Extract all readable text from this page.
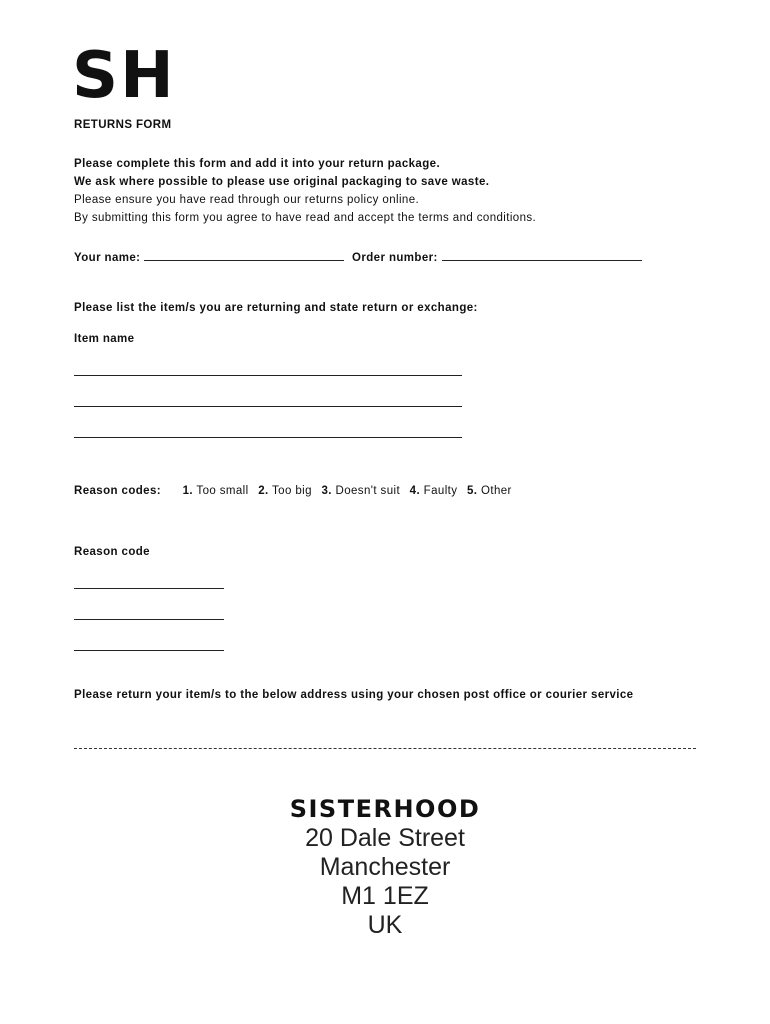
SH
RETURNS FORM
Please complete this form and add it into your return package.
We ask where possible to please use original packaging to save waste.
Please ensure you have read through our returns policy online.
By submitting this form you agree to have read and accept the terms and conditions.
Your name:	Order number:
Please list the item/s you are returning and state return or exchange:
Item name
Reason codes: 1. Too small 2. Too big 3. Doesn't suit 4. Faulty 5. Other
Reason code
Please return your item/s to the below address using your chosen post office or courier service
SISTERHOOD
20 Dale Street
Manchester
M1 1EZ
UK
